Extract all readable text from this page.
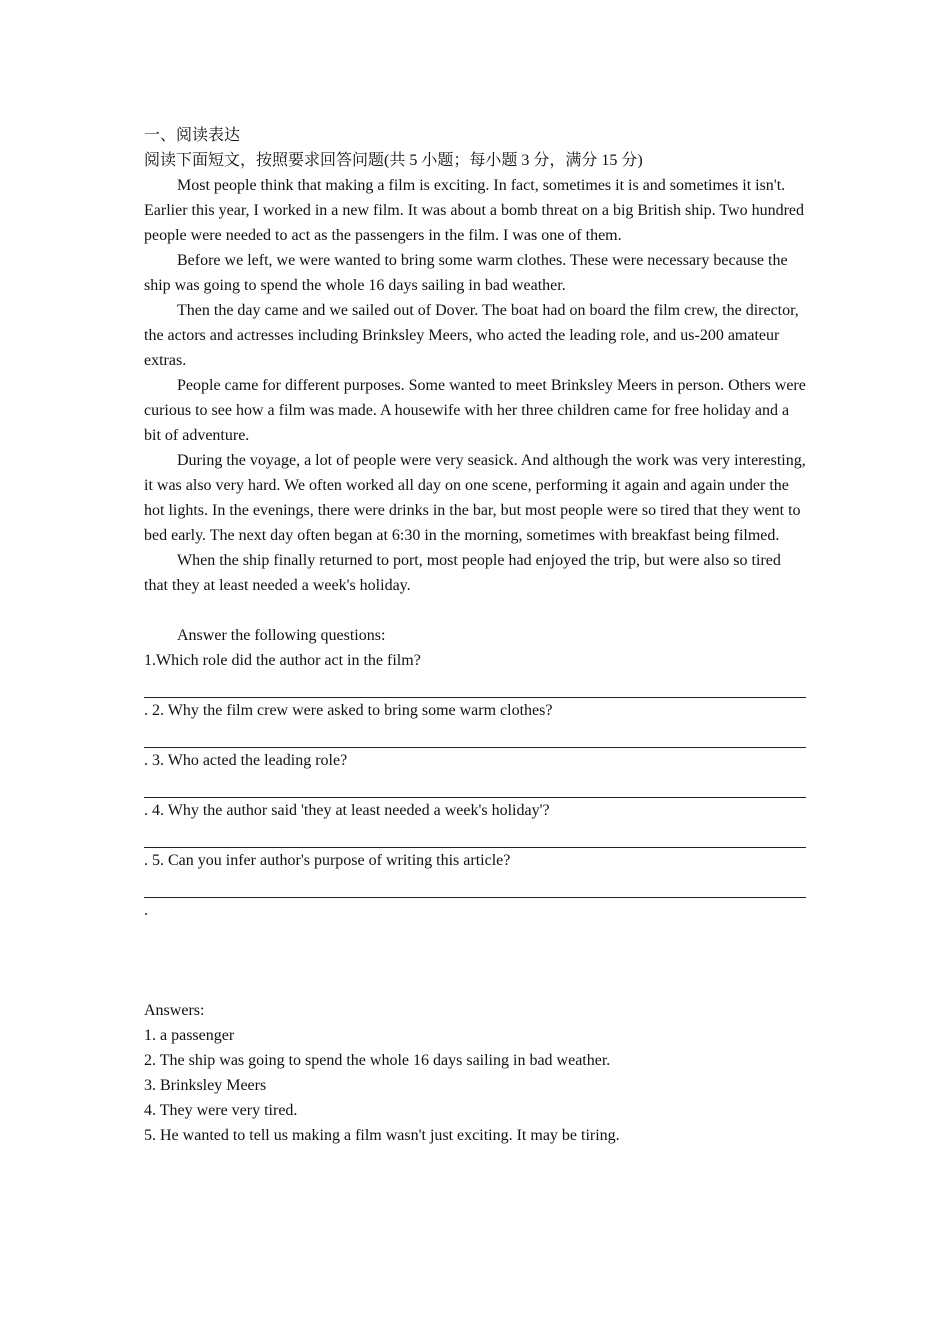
一、阅读表达

阅读下面短文，按照要求回答问题(共 5 小题；每小题 3 分，满分 15 分)

Most people think that making a film is exciting. In fact, sometimes it is and sometimes it isn't. Earlier this year, I worked in a new film. It was about a bomb threat on a big British ship. Two hundred people were needed to act as the passengers in the film. I was one of them.

Before we left, we were wanted to bring some warm clothes. These were necessary because the ship was going to spend the whole 16 days sailing in bad weather.

Then the day came and we sailed out of Dover. The boat had on board the film crew, the director, the actors and actresses including Brinksley Meers, who acted the leading role, and us-200 amateur extras.

People came for different purposes. Some wanted to meet Brinksley Meers in person. Others were curious to see how a film was made. A housewife with her three children came for free holiday and a bit of adventure.

During the voyage, a lot of people were very seasick. And although the work was very interesting, it was also very hard. We often worked all day on one scene, performing it again and again under the hot lights. In the evenings, there were drinks in the bar, but most people were so tired that they went to bed early. The next day often began at 6:30 in the morning, sometimes with breakfast being filmed.

When the ship finally returned to port, most people had enjoyed the trip, but were also so tired that they at least needed a week's holiday.

Answer the following questions:

1.Which role did the author act in the film?

. 2. Why the film crew were asked to bring some warm clothes?

. 3. Who acted the leading role?

. 4. Why the author said 'they at least needed a week's holiday'?

. 5. Can you infer author's purpose of writing this article?

.

Answers:

1. a passenger

2. The ship was going to spend the whole 16 days sailing in bad weather.

3. Brinksley Meers

4. They were very tired.

5. He wanted to tell us making a film wasn't just exciting. It may be tiring.
